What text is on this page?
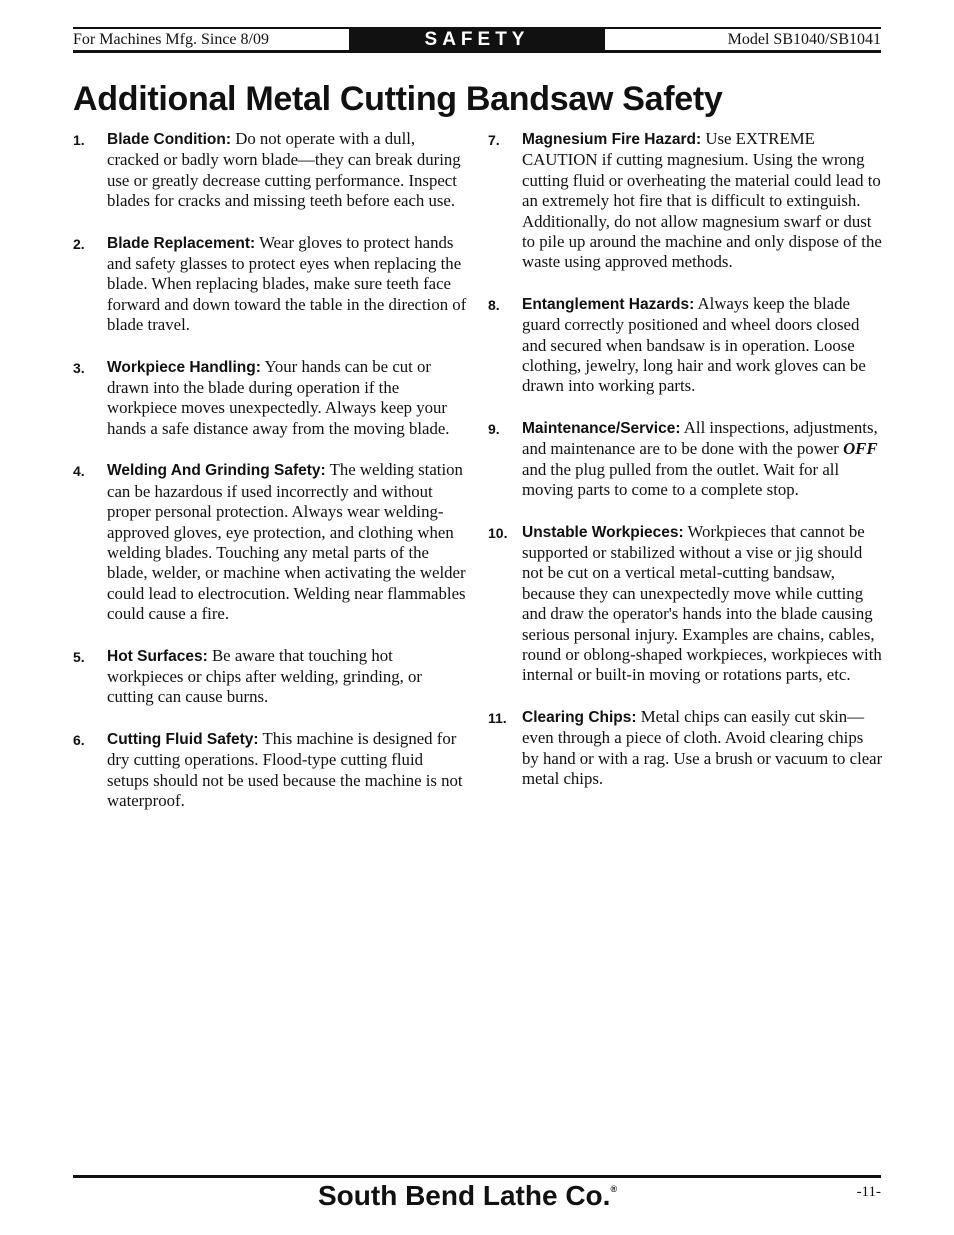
For Machines Mfg. Since 8/09	SAFETY	Model SB1040/SB1041
Additional Metal Cutting Bandsaw Safety
1. Blade Condition: Do not operate with a dull, cracked or badly worn blade—they can break during use or greatly decrease cutting performance. Inspect blades for cracks and missing teeth before each use.
2. Blade Replacement: Wear gloves to protect hands and safety glasses to protect eyes when replacing the blade. When replacing blades, make sure teeth face forward and down toward the table in the direction of blade travel.
3. Workpiece Handling: Your hands can be cut or drawn into the blade during operation if the workpiece moves unexpectedly. Always keep your hands a safe distance away from the moving blade.
4. Welding And Grinding Safety: The welding station can be hazardous if used incorrectly and without proper personal protection. Always wear welding-approved gloves, eye protection, and clothing when welding blades. Touching any metal parts of the blade, welder, or machine when activating the welder could lead to electrocution. Welding near flammables could cause a fire.
5. Hot Surfaces: Be aware that touching hot workpieces or chips after welding, grinding, or cutting can cause burns.
6. Cutting Fluid Safety: This machine is designed for dry cutting operations. Flood-type cutting fluid setups should not be used because the machine is not waterproof.
7. Magnesium Fire Hazard: Use EXTREME CAUTION if cutting magnesium. Using the wrong cutting fluid or overheating the material could lead to an extremely hot fire that is difficult to extinguish. Additionally, do not allow magnesium swarf or dust to pile up around the machine and only dispose of the waste using approved methods.
8. Entanglement Hazards: Always keep the blade guard correctly positioned and wheel doors closed and secured when bandsaw is in operation. Loose clothing, jewelry, long hair and work gloves can be drawn into working parts.
9. Maintenance/Service: All inspections, adjustments, and maintenance are to be done with the power OFF and the plug pulled from the outlet. Wait for all moving parts to come to a complete stop.
10. Unstable Workpieces: Workpieces that cannot be supported or stabilized without a vise or jig should not be cut on a vertical metal-cutting bandsaw, because they can unexpectedly move while cutting and draw the operator's hands into the blade causing serious personal injury. Examples are chains, cables, round or oblong-shaped workpieces, workpieces with internal or built-in moving or rotations parts, etc.
11. Clearing Chips: Metal chips can easily cut skin—even through a piece of cloth. Avoid clearing chips by hand or with a rag. Use a brush or vacuum to clear metal chips.
South Bend Lathe Co.®	-11-
